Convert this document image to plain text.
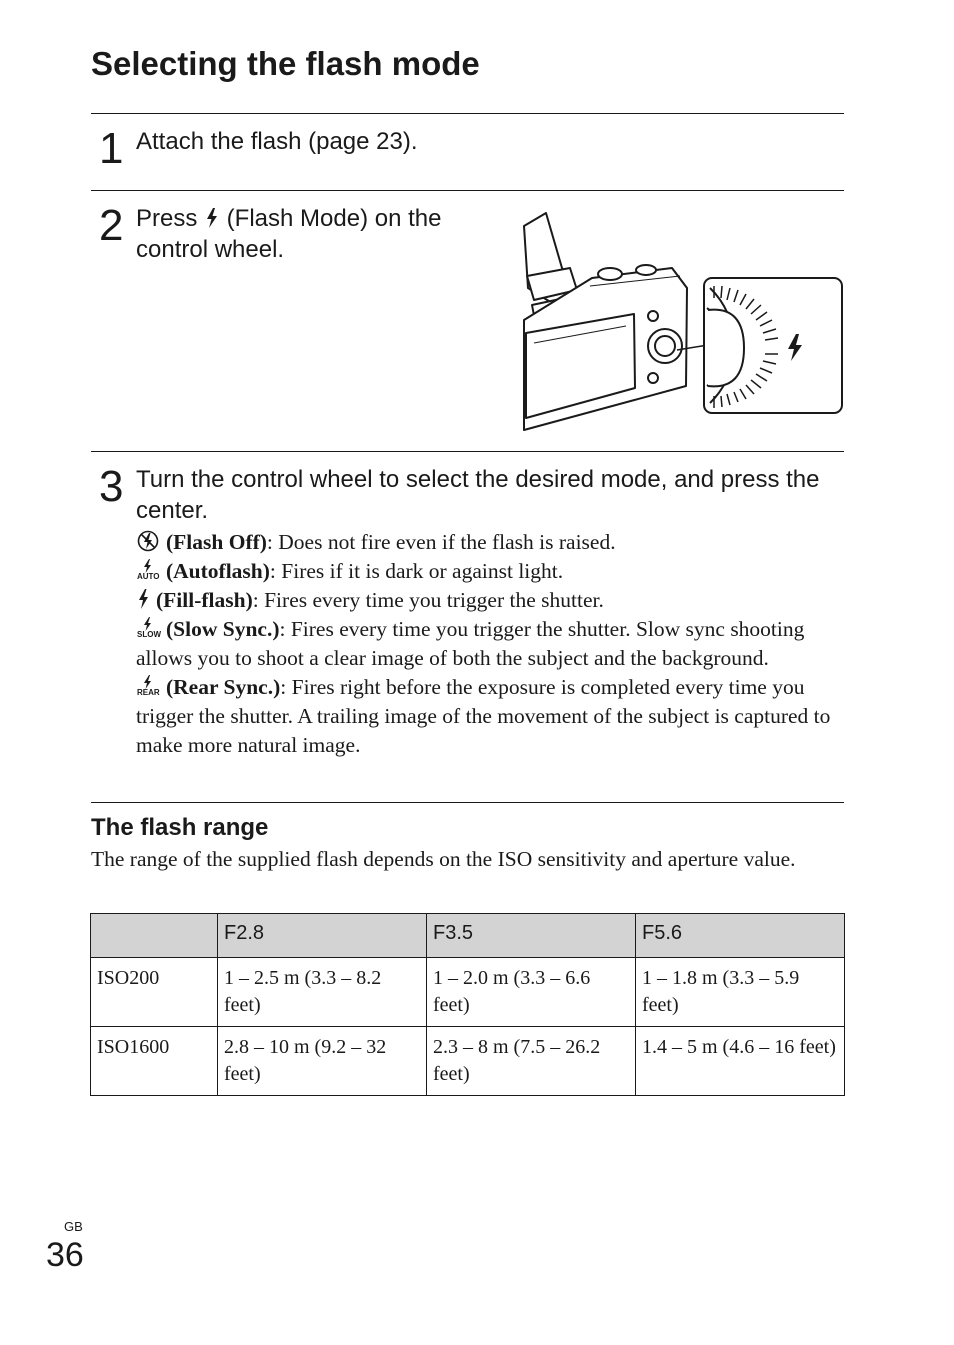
Selecting the flash mode
1 Attach the flash (page 23).
2 Press
(Flash Mode) on the
control wheel.
3 Turn the control wheel to select the desired mode, and press the center.

(Flash Off): Does not fire even if the flash is raised.

AUTO (Autoflash): Fires if it is dark or against light.

(Fill-flash): Fires every time you trigger the shutter.

SLOW (Slow Sync.): Fires every time you trigger the shutter. Slow sync shooting allows you to shoot a clear image of both the subject and the background.

REAR (Rear Sync.): Fires right before the exposure is completed every time you trigger the shutter. A trailing image of the movement of the subject is captured to make more natural image.

The flash range

The range of the supplied flash depends on the ISO sensitivity and aperture value.

	F2.8	F3.5	F5.6
ISO200	1 – 2.5 m (3.3 – 8.2 feet)	1 – 2.0 m (3.3 – 6.6 feet)	1 – 1.8 m (3.3 – 5.9 feet)
ISO1600	2.8 – 10 m (9.2 – 32 feet)	2.3 – 8 m (7.5 – 26.2 feet)	1.4 – 5 m (4.6 – 16 feet)
GB
36
